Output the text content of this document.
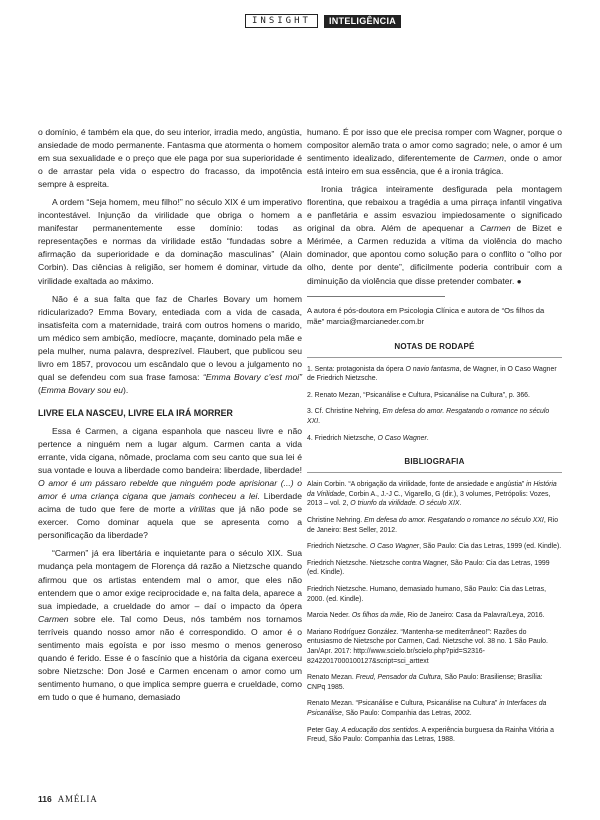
INSIGHT	INTELIGÊNCIA

o domínio, é também ela que, do seu interior, irradia medo, angústia, ansiedade de modo permanente. Fantasma que atormenta o homem em sua sexualidade e o preço que ele paga por sua superioridade é o de arrastar pela vida o espectro do fracasso, da impotência sempre à espreita.

A ordem “Seja homem, meu filho!” no século XIX é um imperativo incontestável. Injunção da virilidade que obriga o homem a manifestar permanentemente esse domínio: todas as representações e normas da virilidade estão “fundadas sobre a afirmação da superioridade e da dominação masculinas” (Alain Corbin). Das ciências à religião, ser homem é dominar, virtude da virilidade exaltada ao máximo.

Não é a sua falta que faz de Charles Bovary um homem ridicularizado? Emma Bovary, entediada com a vida de casada, insatisfeita com a maternidade, trairá com outros homens o marido, um médico sem ambição, medíocre, maçante, dominado pela mãe e pela mulher, numa palavra, desprezível. Flaubert, que publicou seu livro em 1857, provocou um escândalo que o levou a julgamento no qual se defendeu com sua frase famosa: “Emma Bovary c’est moi” (Emma Bovary sou eu).

LIVRE ELA NASCEU, LIVRE ELA IRÁ MORRER

Essa é Carmen, a cigana espanhola que nasceu livre e não pertence a ninguém nem a lugar algum. Carmen canta a vida errante, vida cigana, nômade, proclama com seu canto que sua lei é sua vontade e louva a liberdade como bandeira: liberdade, liberdade! O amor é um pássaro rebelde que ninguém pode aprisionar (...) o amor é uma criança cigana que jamais conheceu a lei. Liberdade acima de tudo que fere de morte a virilitas que já não pode se exercer. Como dominar aquela que se apresenta como a personificação da liberdade?

“Carmen” já era libertária e inquietante para o século XIX. Sua mudança pela montagem de Florença dá razão a Nietzsche quando afirmou que os artistas entendem mal o amor, que eles não entendem que o amor exige reciprocidade e, na falta dela, aparece a sua impiedade, a crueldade do amor – daí o impacto da ópera Carmen sobre ele. Tal como Deus, nós também nos tornamos terríveis quando nosso amor não é correspondido. O amor é o sentimento mais egoísta e por isso mesmo o menos generoso quando é ferido. Esse é o fascínio que a história da cigana exerceu sobre Nietzsche: Don José e Carmen encenam o amor como um sentimento humano, o que implica sempre guerra e crueldade, como em tudo o que é humano, demasiado

humano. É por isso que ele precisa romper com Wagner, porque o compositor alemão trata o amor como sagrado; nele, o amor é um sentimento idealizado, diferentemente de Carmen, onde o amor está inteiro em sua essência, que é a ironia trágica.

Ironia trágica inteiramente desfigurada pela montagem florentina, que rebaixou a tragédia a uma pirraça infantil vingativa e panfletária e assim esvaziou impiedosamente o significado original da obra. Além de apequenar a Carmen de Bizet e Mérimée, a Carmen reduzida a vítima da violência do macho dominador, que apontou como solução para o conflito o “olho por olho, dente por dente”, dificilmente poderia contribuir com a diminuição da violência que disse pretender combater. ●

A autora é pós-doutora em Psicologia Clínica e autora de “Os filhos da mãe” marcia@marcianeder.com.br

NOTAS DE RODAPÉ
1. Senta: protagonista da ópera O navio fantasma, de Wagner, in O Caso Wagner de Friedrich Nietzsche.
2. Renato Mezan, “Psicanálise e Cultura, Psicanálise na Cultura”, p. 366.
3. Cf. Christine Nehring, Em defesa do amor. Resgatando o romance no século XXI.
4. Friedrich Nietzsche, O Caso Wagner.
BIBLIOGRAFIA
Alain Corbin. “A obrigação da virilidade, fonte de ansiedade e angústia” in História da Virilidade, Corbin A., J.-J C., Vigarello, G (dir.), 3 volumes, Petrópolis: Vozes, 2013 – vol. 2, O triunfo da virilidade. O século XIX.
Christine Nehring. Em defesa do amor. Resgatando o romance no século XXI, Rio de Janeiro: Best Seller, 2012.
Friedrich Nietzsche. O Caso Wagner, São Paulo: Cia das Letras, 1999 (ed. Kindle).
Friedrich Nietzsche. Nietzsche contra Wagner, São Paulo: Cia das Letras, 1999 (ed. Kindle).
Friedrich Nietzsche. Humano, demasiado humano, São Paulo: Cia das Letras, 2000. (ed. Kindle).
Marcia Neder. Os filhos da mãe, Rio de Janeiro: Casa da Palavra/Leya, 2016.
Mariano Rodríguez González. “Mantenha-se mediterrâneo!”: Razões do entusiasmo de Nietzsche por Carmen, Cad. Nietzsche vol. 38 no. 1 São Paulo. Jan/Apr. 2017: http://www.scielo.br/scielo.php?pid=S2316-82422017000100127&script=sci_arttext
Renato Mezan. Freud, Pensador da Cultura, São Paulo: Brasiliense; Brasília: CNPq 1985.
Renato Mezan. “Psicanálise e Cultura, Psicanálise na Cultura” in Interfaces da Psicanálise, São Paulo: Companhia das Letras, 2002.
Peter Gay. A educação dos sentidos. A experiência burguesa da Rainha Vitória a Freud, São Paulo: Companhia das Letras, 1988.
116 AMÉLIA
